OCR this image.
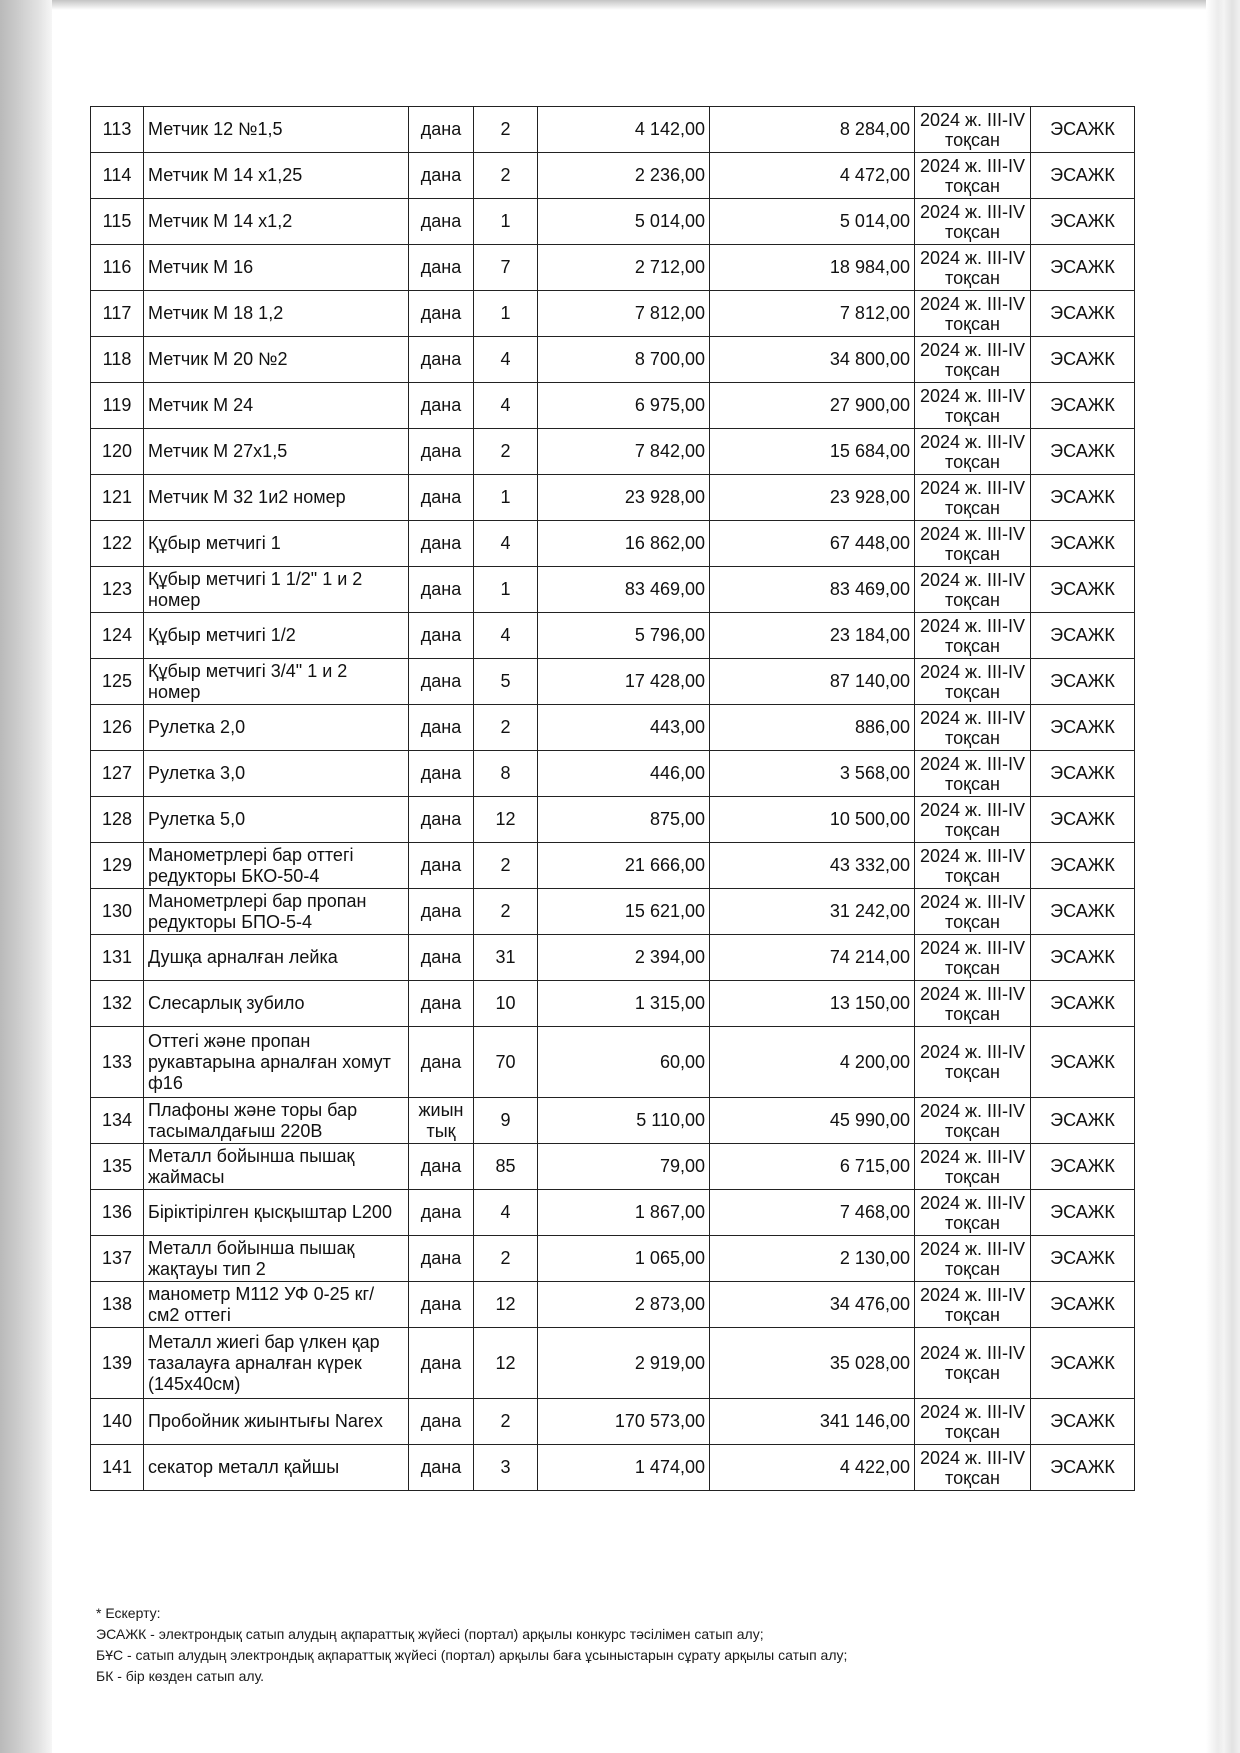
113	Метчик 12 №1,5	дана	2	4 142,00	8 284,00	2024 ж. III-IV тоқсан	ЭСАЖК
114	Метчик М 14 х1,25	дана	2	2 236,00	4 472,00	2024 ж. III-IV тоқсан	ЭСАЖК
115	Метчик М 14 х1,2	дана	1	5 014,00	5 014,00	2024 ж. III-IV тоқсан	ЭСАЖК
116	Метчик М 16	дана	7	2 712,00	18 984,00	2024 ж. III-IV тоқсан	ЭСАЖК
117	Метчик М 18 1,2	дана	1	7 812,00	7 812,00	2024 ж. III-IV тоқсан	ЭСАЖК
118	Метчик М 20 №2	дана	4	8 700,00	34 800,00	2024 ж. III-IV тоқсан	ЭСАЖК
119	Метчик М 24	дана	4	6 975,00	27 900,00	2024 ж. III-IV тоқсан	ЭСАЖК
120	Метчик М 27х1,5	дана	2	7 842,00	15 684,00	2024 ж. III-IV тоқсан	ЭСАЖК
121	Метчик М 32 1и2 номер	дана	1	23 928,00	23 928,00	2024 ж. III-IV тоқсан	ЭСАЖК
122	Құбыр метчигі 1	дана	4	16 862,00	67 448,00	2024 ж. III-IV тоқсан	ЭСАЖК
123	Құбыр метчигі 1 1/2" 1 и 2 номер	дана	1	83 469,00	83 469,00	2024 ж. III-IV тоқсан	ЭСАЖК
124	Құбыр метчигі 1/2	дана	4	5 796,00	23 184,00	2024 ж. III-IV тоқсан	ЭСАЖК
125	Құбыр метчигі 3/4" 1 и 2 номер	дана	5	17 428,00	87 140,00	2024 ж. III-IV тоқсан	ЭСАЖК
126	Рулетка 2,0	дана	2	443,00	886,00	2024 ж. III-IV тоқсан	ЭСАЖК
127	Рулетка 3,0	дана	8	446,00	3 568,00	2024 ж. III-IV тоқсан	ЭСАЖК
128	Рулетка 5,0	дана	12	875,00	10 500,00	2024 ж. III-IV тоқсан	ЭСАЖК
129	Манометрлері бар оттегі редукторы БКО-50-4	дана	2	21 666,00	43 332,00	2024 ж. III-IV тоқсан	ЭСАЖК
130	Манометрлері бар пропан редукторы БПО-5-4	дана	2	15 621,00	31 242,00	2024 ж. III-IV тоқсан	ЭСАЖК
131	Душқа арналған лейка	дана	31	2 394,00	74 214,00	2024 ж. III-IV тоқсан	ЭСАЖК
132	Слесарлық зубило	дана	10	1 315,00	13 150,00	2024 ж. III-IV тоқсан	ЭСАЖК
133	Оттегі және пропан рукавтарына арналған хомут ф16	дана	70	60,00	4 200,00	2024 ж. III-IV тоқсан	ЭСАЖК
134	Плафоны және торы бар тасымалдағыш 220В	жиын тық	9	5 110,00	45 990,00	2024 ж. III-IV тоқсан	ЭСАЖК
135	Металл бойынша пышақ жаймасы	дана	85	79,00	6 715,00	2024 ж. III-IV тоқсан	ЭСАЖК
136	Біріктірілген қысқыштар L200	дана	4	1 867,00	7 468,00	2024 ж. III-IV тоқсан	ЭСАЖК
137	Металл бойынша пышақ жақтауы тип 2	дана	2	1 065,00	2 130,00	2024 ж. III-IV тоқсан	ЭСАЖК
138	манометр М112 УФ 0-25 кг/см2 оттегі	дана	12	2 873,00	34 476,00	2024 ж. III-IV тоқсан	ЭСАЖК
139	Металл жиегі бар үлкен қар тазалауға арналған күрек (145х40см)	дана	12	2 919,00	35 028,00	2024 ж. III-IV тоқсан	ЭСАЖК
140	Пробойник жиынтығы Narex	дана	2	170 573,00	341 146,00	2024 ж. III-IV тоқсан	ЭСАЖК
141	секатор металл қайшы	дана	3	1 474,00	4 422,00	2024 ж. III-IV тоқсан	ЭСАЖК
* Ескерту:
ЭСАЖК - электрондық сатып алудың ақпараттық жүйесі (портал) арқылы конкурс тәсілімен сатып алу;
БҰС - сатып алудың электрондық ақпараттық жүйесі (портал) арқылы баға ұсыныстарын сұрату арқылы сатып алу;
БК - бір көзден сатып алу.
